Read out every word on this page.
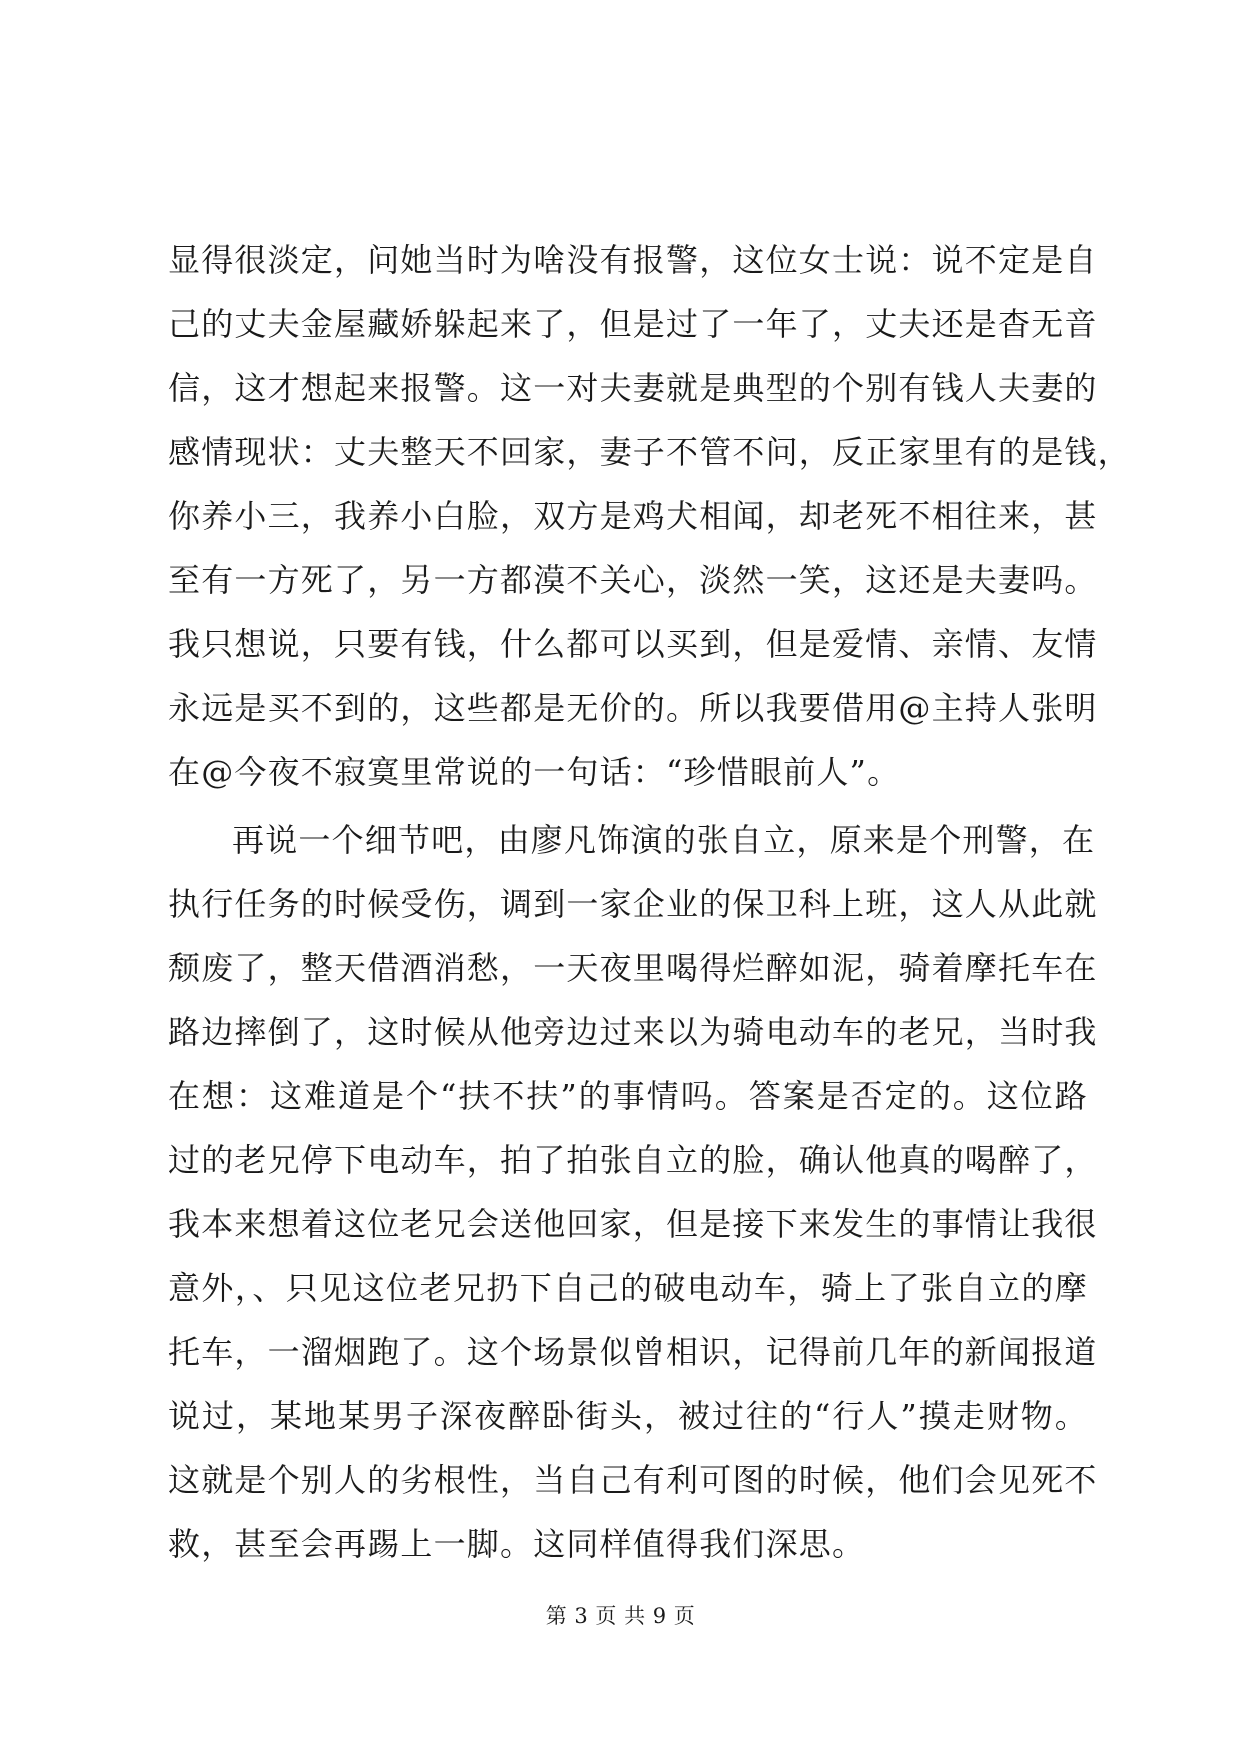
显得很淡定，问她当时为啥没有报警，这位女士说：说不定是自
己的丈夫金屋藏娇躲起来了，但是过了一年了，丈夫还是杳无音
信，这才想起来报警。这一对夫妻就是典型的个别有钱人夫妻的
感情现状：丈夫整天不回家，妻子不管不问，反正家里有的是钱，
你养小三，我养小白脸，双方是鸡犬相闻，却老死不相往来，甚
至有一方死了，另一方都漠不关心，淡然一笑，这还是夫妻吗。
我只想说，只要有钱，什么都可以买到，但是爱情、亲情、友情
永远是买不到的，这些都是无价的。所以我要借用@主持人张明
在@今夜不寂寞里常说的一句话：“珍惜眼前人”。
再说一个细节吧，由廖凡饰演的张自立，原来是个刑警，在
执行任务的时候受伤，调到一家企业的保卫科上班，这人从此就
颓废了，整天借酒消愁，一天夜里喝得烂醉如泥，骑着摩托车在
路边摔倒了，这时候从他旁边过来以为骑电动车的老兄，当时我
在想：这难道是个“扶不扶”的事情吗。答案是否定的。这位路
过的老兄停下电动车，拍了拍张自立的脸，确认他真的喝醉了，
我本来想着这位老兄会送他回家，但是接下来发生的事情让我很
意外，、只见这位老兄扔下自己的破电动车，骑上了张自立的摩
托车，一溜烟跑了。这个场景似曾相识，记得前几年的新闻报道
说过，某地某男子深夜醉卧街头，被过往的“行人”摸走财物。
这就是个别人的劣根性，当自己有利可图的时候，他们会见死不
救，甚至会再踢上一脚。这同样值得我们深思。
第 3 页 共 9 页
